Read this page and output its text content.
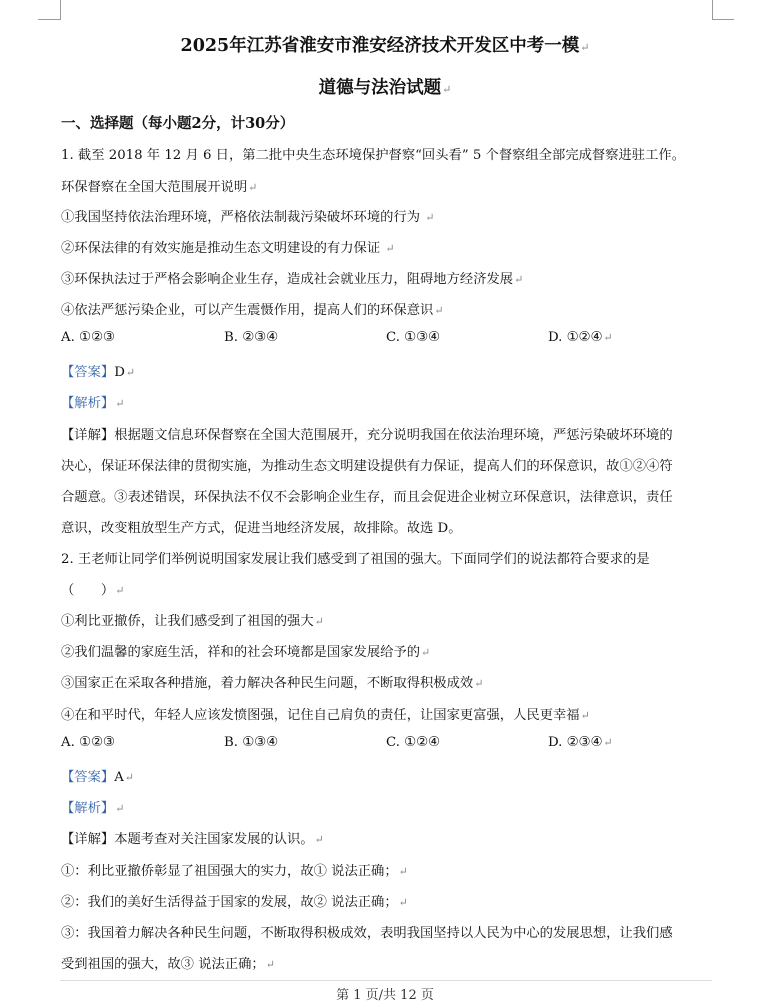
2025年江苏省淮安市淮安经济技术开发区中考一模↵
道德与法治试题↵
一、选择题（每小题2分，计30分）
1. 截至 2018 年 12 月 6 日，第二批中央生态环境保护督察“回头看” 5 个督察组全部完成督察进驻工作。
环保督察在全国大范围展开说明↵
①我国坚持依法治理环境，严格依法制裁污染破坏环境的行为 ↵
②环保法律的有效实施是推动生态文明建设的有力保证 ↵
③环保执法过于严格会影响企业生存，造成社会就业压力，阻碍地方经济发展↵
④依法严惩污染企业，可以产生震慑作用，提高人们的环保意识↵
A. ①②③	B. ②③④	C. ①③④	D. ①②④↵
【答案】D↵
【解析】↵
【详解】根据题文信息环保督察在全国大范围展开，充分说明我国在依法治理环境，严惩污染破坏环境的
决心，保证环保法律的贯彻实施，为推动生态文明建设提供有力保证，提高人们的环保意识，故①②④符
合题意。③表述错误，环保执法不仅不会影响企业生存，而且会促进企业树立环保意识，法律意识，责任
意识，改变粗放型生产方式，促进当地经济发展，故排除。故选 D。
2. 王老师让同学们举例说明国家发展让我们感受到了祖国的强大。下面同学们的说法都符合要求的是
（　　）↵
①利比亚撤侨，让我们感受到了祖国的强大↵
②我们温馨的家庭生活，祥和的社会环境都是国家发展给予的↵
③国家正在采取各种措施，着力解决各种民生问题，不断取得积极成效↵
④在和平时代，年轻人应该发愤图强，记住自己肩负的责任，让国家更富强，人民更幸福↵
A. ①②③	B. ①③④	C. ①②④	D. ②③④↵
【答案】A↵
【解析】↵
【详解】本题考查对关注国家发展的认识。↵
①：利比亚撤侨彰显了祖国强大的实力，故① 说法正确；↵
②：我们的美好生活得益于国家的发展，故② 说法正确；↵
③：我国着力解决各种民生问题，不断取得积极成效，表明我国坚持以人民为中心的发展思想，让我们感
受到祖国的强大，故③ 说法正确；↵
第 1 页/共 12 页
